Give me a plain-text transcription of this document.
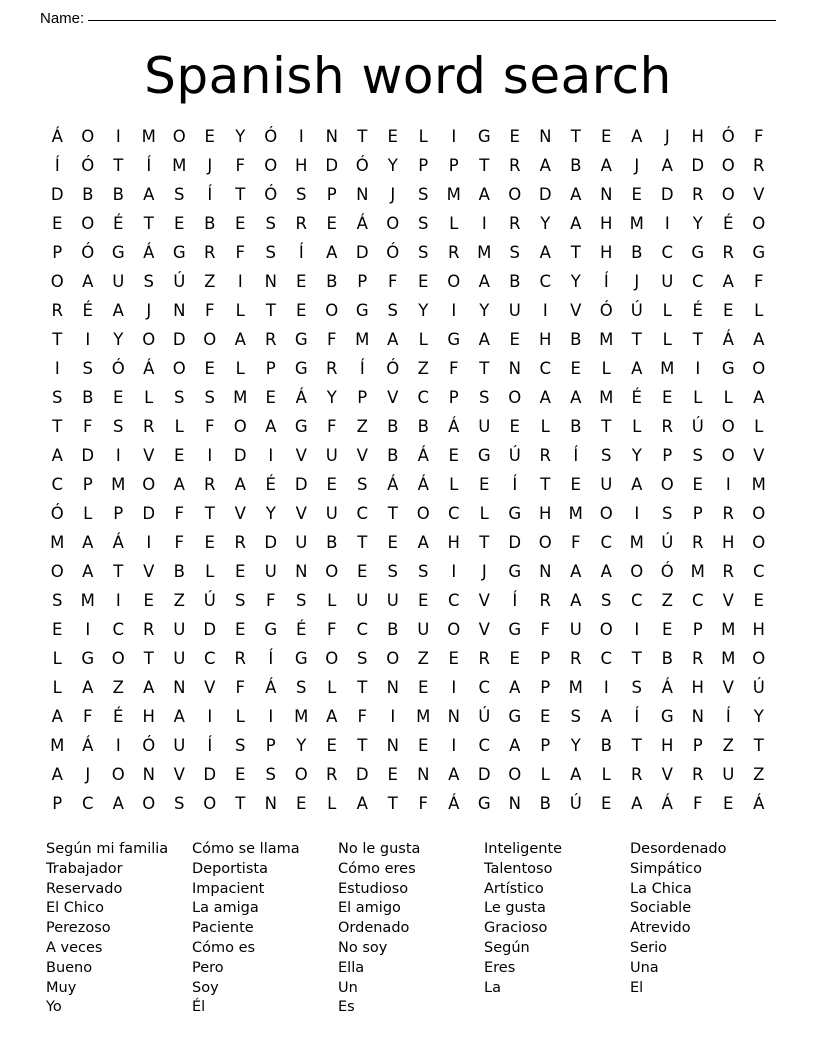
Name:
Spanish word search
Á	O	I	M	O	E	Y	Ó	I	N	T	E	L	I	G	E	N	T	E	A	J	H	Ó	F
Í	Ó	T	Í	M	J	F	O	H	D	Ó	Y	P	P	T	R	A	B	A	J	A	D	O	R
D	B	B	A	S	Í	T	Ó	S	P	N	J	S	M	A	O	D	A	N	E	D	R	O	V
E	O	É	T	E	B	E	S	R	E	Á	O	S	L	I	R	Y	A	H	M	I	Y	É	O
P	Ó	G	Á	G	R	F	S	Í	A	D	Ó	S	R	M	S	A	T	H	B	C	G	R	G
O	A	U	S	Ú	Z	I	N	E	B	P	F	E	O	A	B	C	Y	Í	J	U	C	A	F
R	É	A	J	N	F	L	T	E	O	G	S	Y	I	Y	U	I	V	Ó	Ú	L	É	E	L
T	I	Y	O	D	O	A	R	G	F	M	A	L	G	A	E	H	B	M	T	L	T	Á	A
I	S	Ó	Á	O	E	L	P	G	R	Í	Ó	Z	F	T	N	C	E	L	A	M	I	G	O
S	B	E	L	S	S	M	E	Á	Y	P	V	C	P	S	O	A	A	M	É	E	L	L	A
T	F	S	R	L	F	O	A	G	F	Z	B	B	Á	U	E	L	B	T	L	R	Ú	O	L
A	D	I	V	E	I	D	I	V	U	V	B	Á	E	G	Ú	R	Í	S	Y	P	S	O	V
C	P	M	O	A	R	A	É	D	E	S	Á	Á	L	E	Í	T	E	U	A	O	E	I	M
Ó	L	P	D	F	T	V	Y	V	U	C	T	O	C	L	G	H	M	O	I	S	P	R	O
M	A	Á	I	F	E	R	D	U	B	T	E	A	H	T	D	O	F	C	M	Ú	R	H	O
O	A	T	V	B	L	E	U	N	O	E	S	S	I	J	G	N	A	A	O	Ó	M	R	C
S	M	I	E	Z	Ú	S	F	S	L	U	U	E	C	V	Í	R	A	S	C	Z	C	V	E
E	I	C	R	U	D	E	G	É	F	C	B	U	O	V	G	F	U	O	I	E	P	M	H
L	G	O	T	U	C	R	Í	G	O	S	O	Z	E	R	E	P	R	C	T	B	R	M	O
L	A	Z	A	N	V	F	Á	S	L	T	N	E	I	C	A	P	M	I	S	Á	H	V	Ú
A	F	É	H	A	I	L	I	M	A	F	I	M	N	Ú	G	E	S	A	Í	G	N	Í	Y
M	Á	I	Ó	U	Í	S	P	Y	E	T	N	E	I	C	A	P	Y	B	T	H	P	Z	T
A	J	O	N	V	D	E	S	O	R	D	E	N	A	D	O	L	A	L	R	V	R	U	Z
P	C	A	O	S	O	T	N	E	L	A	T	F	Á	G	N	B	Ú	E	A	Á	F	E	Á
Según mi familia
Trabajador
Reservado
El Chico
Perezoso
A veces
Bueno
Muy
Yo
Cómo se llama
Deportista
Impacient
La amiga
Paciente
Cómo es
Pero
Soy
Él
No le gusta
Cómo eres
Estudioso
El amigo
Ordenado
No soy
Ella
Un
Es
Inteligente
Talentoso
Artístico
Le gusta
Gracioso
Según
Eres
La
Desordenado
Simpático
La Chica
Sociable
Atrevido
Serio
Una
El
